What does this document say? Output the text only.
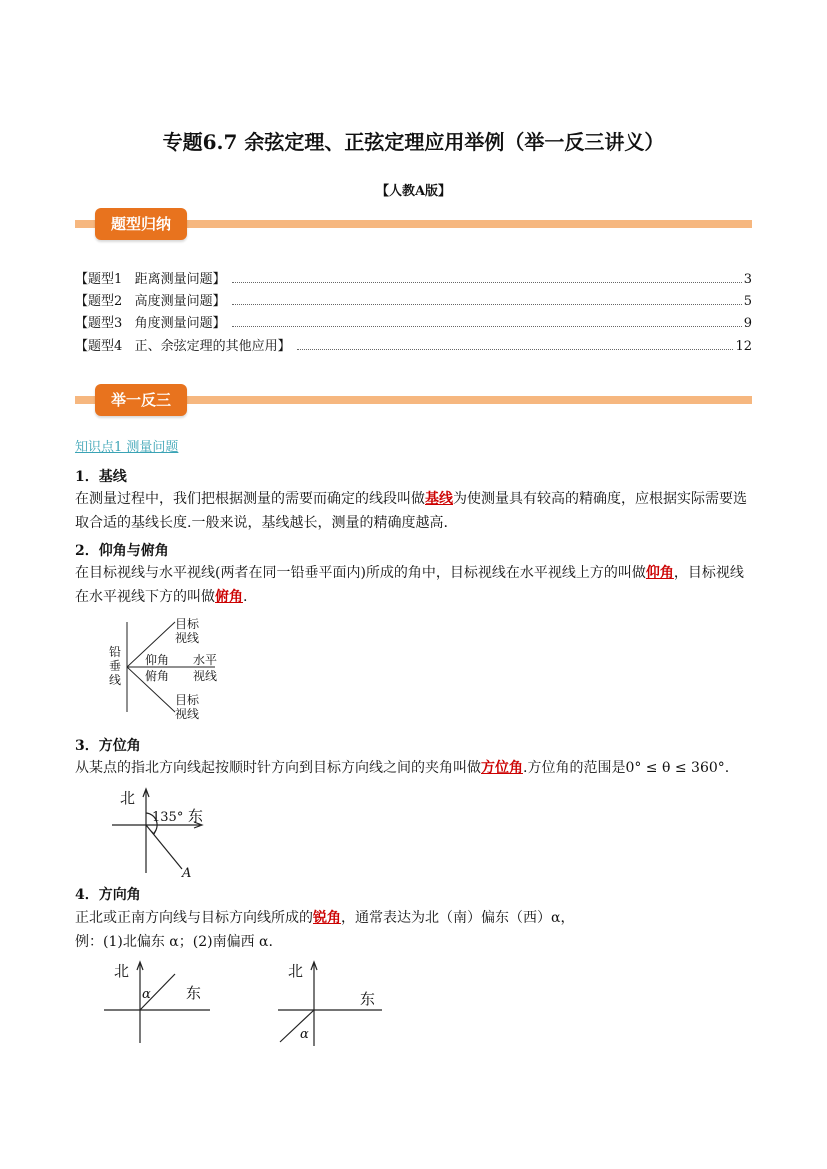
专题6.7 余弦定理、正弦定理应用举例（举一反三讲义）
【人教A版】
题型归纳
【题型1   距离测量问题】	3
【题型2   高度测量问题】	5
【题型3   角度测量问题】	9
【题型4   正、余弦定理的其他应用】	12
举一反三
知识点1 测量问题
1．基线
在测量过程中，我们把根据测量的需要而确定的线段叫做基线为使测量具有较高的精确度，应根据实际需要选取合适的基线长度.一般来说，基线越长，测量的精确度越高.
2．仰角与俯角
在目标视线与水平视线(两者在同一铅垂平面内)所成的角中，目标视线在水平视线上方的叫做仰角，目标视线在水平视线下方的叫做俯角.
目标
视线
铅
垂
线
仰角
俯角
水平
视线
目标
视线
3．方位角
从某点的指北方向线起按顺时针方向到目标方向线之间的夹角叫做方位角.方位角的范围是0° ≤ θ ≤ 360°.
北
135° 东
A
4．方向角
正北或正南方向线与目标方向线所成的锐角，通常表达为北（南）偏东（西）α，
例：(1)北偏东 α；(2)南偏西 α.
北
α 东
北
α
东
